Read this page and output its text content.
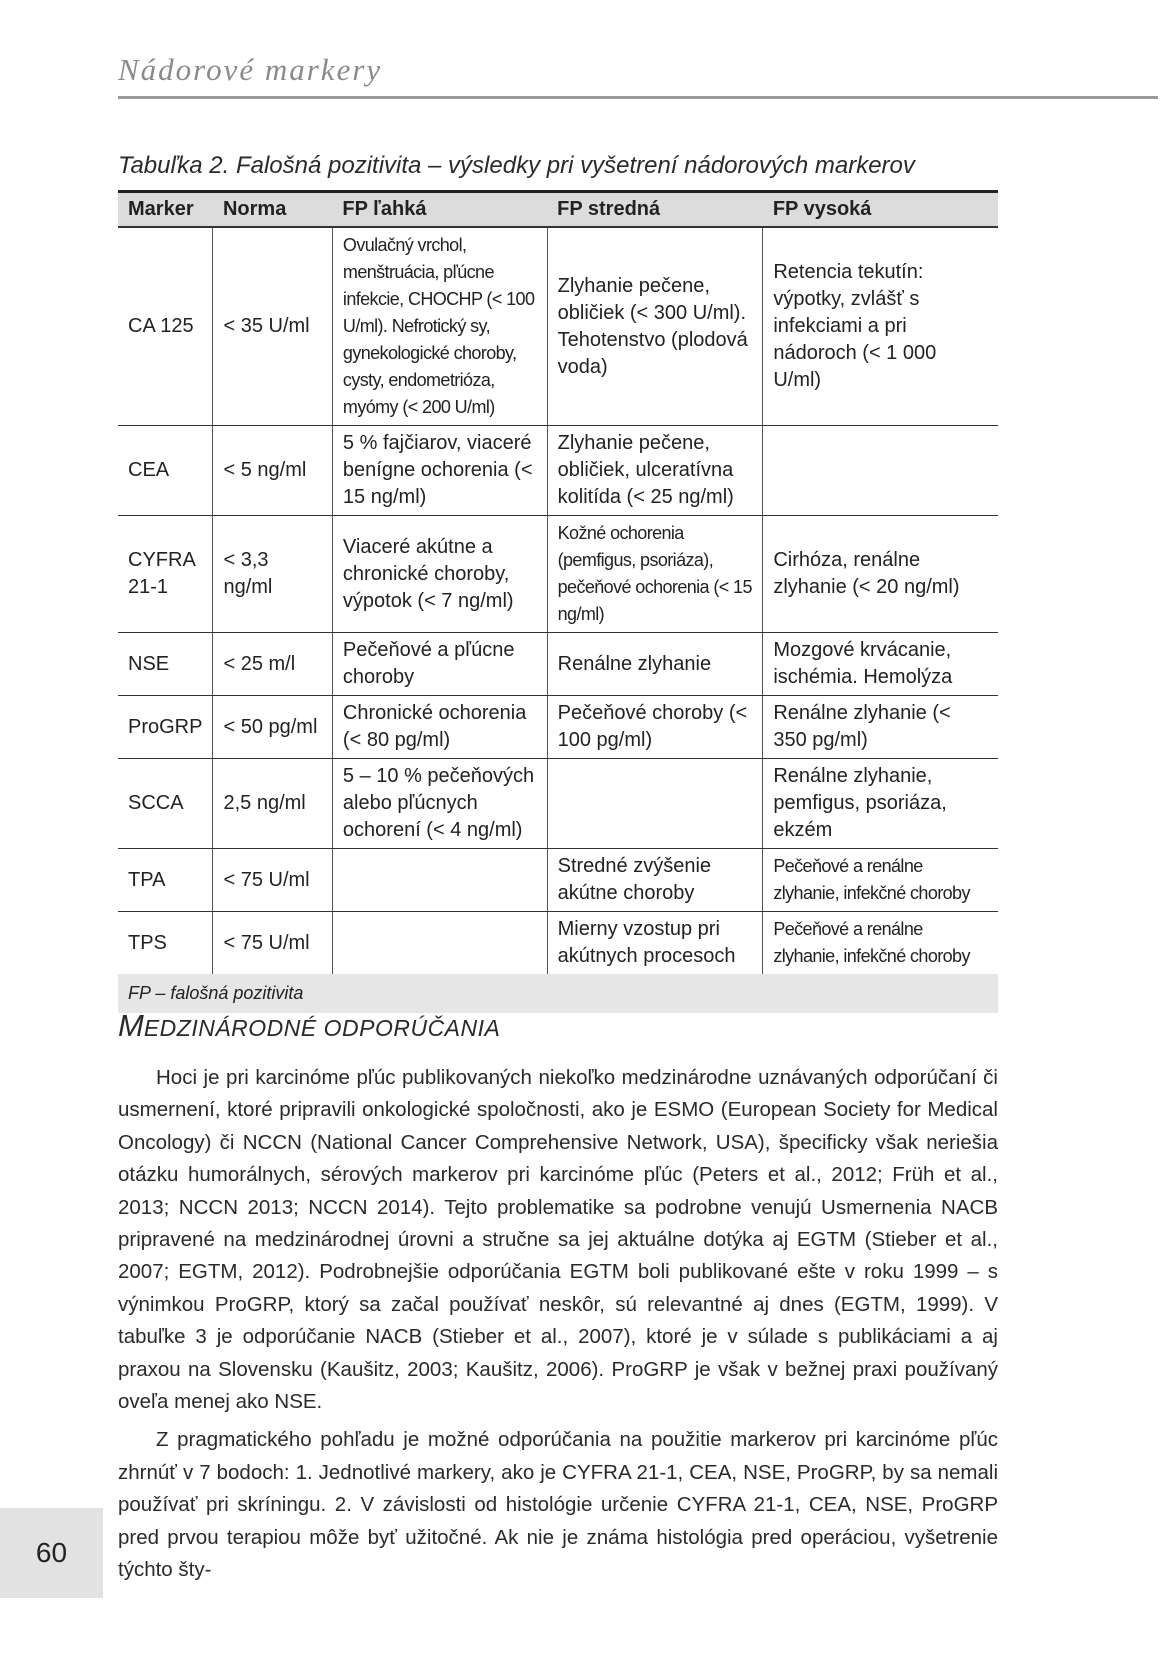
Nádorové markery
Tabuľka 2. Falošná pozitivita – výsledky pri vyšetrení nádorových markerov
Marker	Norma	FP ľahká	FP stredná	FP vysoká
CA 125	< 35 U/ml	Ovulačný vrchol, menštruácia, pľúcne infekcie, CHOCHP (< 100 U/ml). Nefrotický sy, gynekologické choroby, cysty, endometrióza, myómy (< 200 U/ml)	Zlyhanie pečene, obličiek (< 300 U/ml). Tehotenstvo (plodová voda)	Retencia tekutín: výpotky, zvlášť s infekciami a pri nádoroch (< 1 000 U/ml)
CEA	< 5 ng/ml	5 % fajčiarov, viaceré benígne ochorenia (< 15 ng/ml)	Zlyhanie pečene, obličiek, ulceratívna kolitída (< 25 ng/ml)	
CYFRA 21-1	< 3,3 ng/ml	Viaceré akútne a chronické choroby, výpotok (< 7 ng/ml)	Kožné ochorenia (pemfigus, psoriáza), pečeňové ochorenia (< 15 ng/ml)	Cirhóza, renálne zlyhanie (< 20 ng/ml)
NSE	< 25 m/l	Pečeňové a pľúcne choroby	Renálne zlyhanie	Mozgové krvácanie, ischémia. Hemolýza
ProGRP	< 50 pg/ml	Chronické ochorenia (< 80 pg/ml)	Pečeňové choroby (< 100 pg/ml)	Renálne zlyhanie (< 350 pg/ml)
SCCA	2,5 ng/ml	5 – 10 % pečeňových alebo pľúcnych ochorení (< 4 ng/ml)		Renálne zlyhanie, pemfigus, psoriáza, ekzém
TPA	< 75 U/ml		Stredné zvýšenie akútne choroby	Pečeňové a renálne zlyhanie, infekčné choroby
TPS	< 75 U/ml		Mierny vzostup pri akútnych procesoch	Pečeňové a renálne zlyhanie, infekčné choroby
FP – falošná pozitivita				
MEDZINÁRODNÉ ODPORÚČANIA

Hoci je pri karcinóme pľúc publikovaných niekoľko medzinárodne uznávaných odporúčaní či usmernení, ktoré pripravili onkologické spoločnosti, ako je ESMO (European Society for Medical Oncology) či NCCN (National Cancer Comprehensive Network, USA), špecificky však neriešia otázku humorálnych, sérových markerov pri karcinóme pľúc (Peters et al., 2012; Früh et al., 2013; NCCN 2013; NCCN 2014). Tejto problematike sa podrobne venujú Usmernenia NACB pripravené na medzinárodnej úrovni a stručne sa jej aktuálne dotýka aj EGTM (Stieber et al., 2007; EGTM, 2012). Podrobnejšie odporúčania EGTM boli publikované ešte v roku 1999 – s výnimkou ProGRP, ktorý sa začal používať neskôr, sú relevantné aj dnes (EGTM, 1999). V tabuľke 3 je odporúčanie NACB (Stieber et al., 2007), ktoré je v súlade s publikáciami a aj praxou na Slovensku (Kaušitz, 2003; Kaušitz, 2006). ProGRP je však v bežnej praxi používaný oveľa menej ako NSE.

Z pragmatického pohľadu je možné odporúčania na použitie markerov pri karcinóme pľúc zhrnúť v 7 bodoch: 1. Jednotlivé markery, ako je CYFRA 21-1, CEA, NSE, ProGRP, by sa nemali používať pri skríningu. 2. V závislosti od histológie určenie CYFRA 21-1, CEA, NSE, ProGRP pred prvou terapiou môže byť užitočné. Ak nie je známa histológia pred operáciou, vyšetrenie týchto šty-

60
